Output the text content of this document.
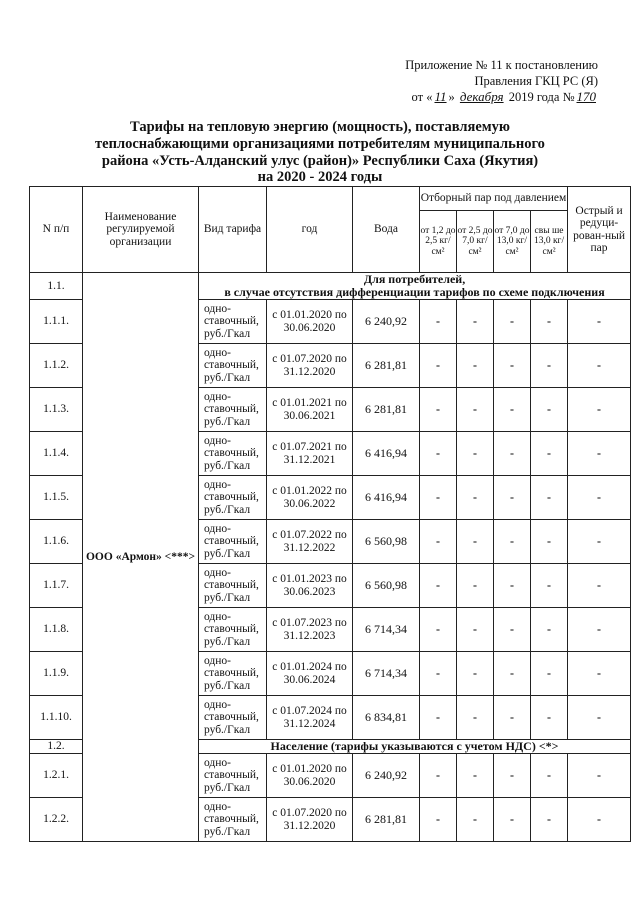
Приложение № 11 к постановлению
Правления ГКЦ РС (Я)
от « 11 » декабря 2019 года № 170
Тарифы на тепловую энергию (мощность), поставляемую
теплоснабжающими организациями потребителям муниципального
района «Усть-Алданский улус (район)» Республики Саха (Якутия)
на 2020 - 2024 годы
N п/п	Наименование регулируемой организации	Вид тарифа	год	Вода	Отборный пар под давлением				Острый и редуци-рован-ный пар
					от 1,2 до 2,5 кг/ см²	от 2,5 до 7,0 кг/ см²	от 7,0 до 13,0 кг/ см²	свы ше 13,0 кг/ см²	
1.1.	ООО «Армон» <***>	Для потребителей,
в случае отсутствия дифференциации тарифов по схеме подключения							

1.1.1.		одно-ставочный, руб./Гкал	с 01.01.2020 по 30.06.2020	6 240,92	-	-	-	-	-
1.1.2.		одно-ставочный, руб./Гкал	с 01.07.2020 по 31.12.2020	6 281,81	-	-	-	-	-
1.1.3.		одно-ставочный, руб./Гкал	с 01.01.2021 по 30.06.2021	6 281,81	-	-	-	-	-
1.1.4.		одно-ставочный, руб./Гкал	с 01.07.2021 по 31.12.2021	6 416,94	-	-	-	-	-
1.1.5.		одно-ставочный, руб./Гкал	с 01.01.2022 по 30.06.2022	6 416,94	-	-	-	-	-
1.1.6.		одно-ставочный, руб./Гкал	с 01.07.2022 по 31.12.2022	6 560,98	-	-	-	-	-
1.1.7.		одно-ставочный, руб./Гкал	с 01.01.2023 по 30.06.2023	6 560,98	-	-	-	-	-
1.1.8.		одно-ставочный, руб./Гкал	с 01.07.2023 по 31.12.2023	6 714,34	-	-	-	-	-
1.1.9.		одно-ставочный, руб./Гкал	с 01.01.2024 по 30.06.2024	6 714,34	-	-	-	-	-
1.1.10.		одно-ставочный, руб./Гкал	с 01.07.2024 по 31.12.2024	6 834,81	-	-	-	-	-
1.2.		Население (тарифы указываются с учетом НДС) <*>							
1.2.1.		одно-ставочный, руб./Гкал	с 01.01.2020 по 30.06.2020	6 240,92	-	-	-	-	-
1.2.2.		одно-ставочный, руб./Гкал	с 01.07.2020 по 31.12.2020	6 281,81	-	-	-	-	-
